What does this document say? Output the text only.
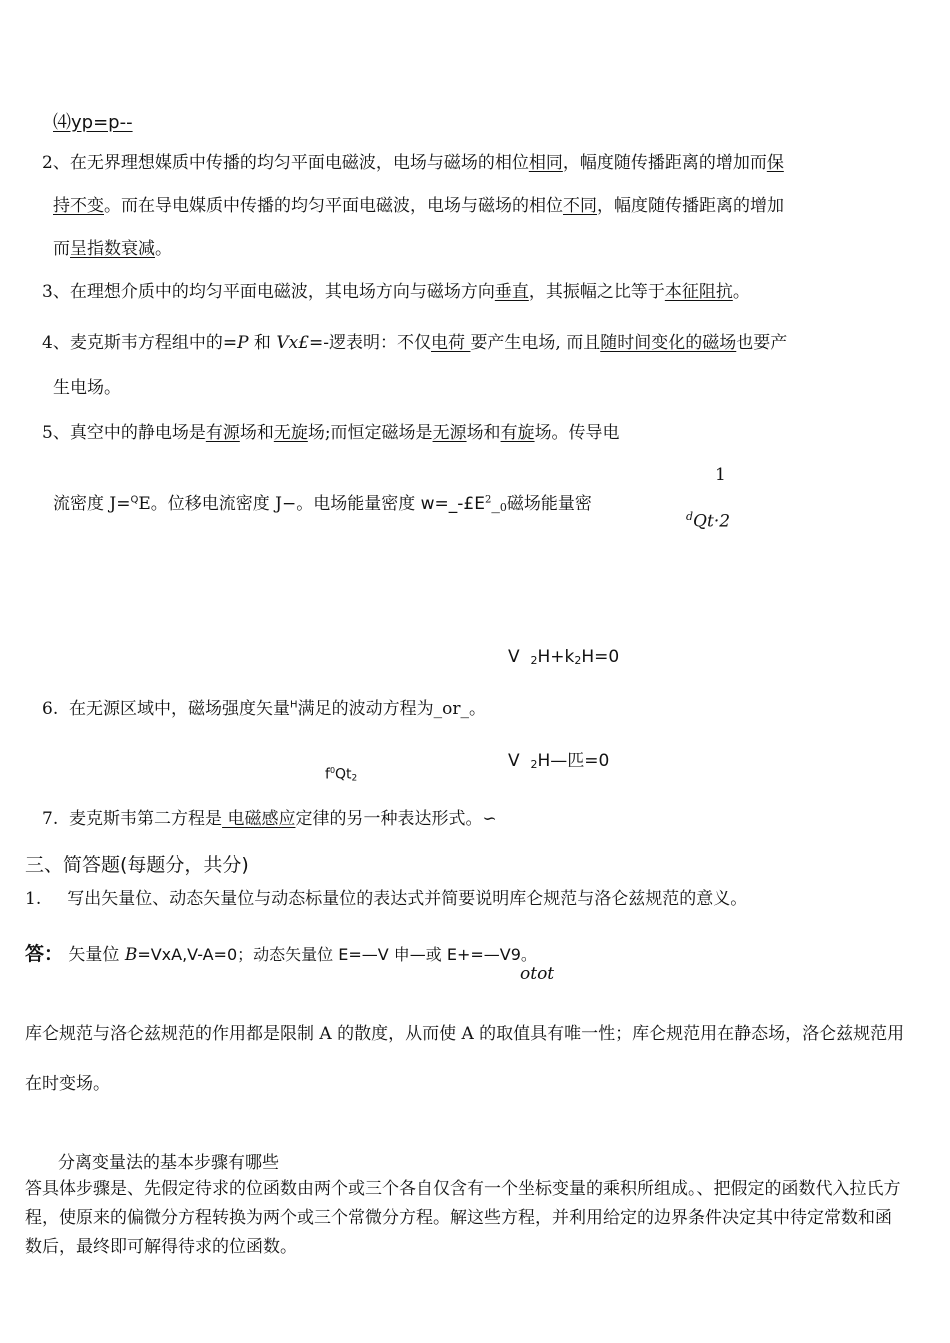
⑷yp=p--
2、在无界理想媒质中传播的均匀平面电磁波，电场与磁场的相位相同，幅度随传播距离的增加而保
持不变。而在导电媒质中传播的均匀平面电磁波，电场与磁场的相位不同，幅度随传播距离的增加
而呈指数衰减。
3、在理想介质中的均匀平面电磁波，其电场方向与磁场方向垂直，其振幅之比等于本征阻抗。
4、麦克斯韦方程组中的=P 和 Vx£=-逻表明：不仅电荷 要产生电场, 而且随时间变化的磁场也要产
生电场。
5、真空中的静电场是有源场和无旋场;而恒定磁场是无源场和有旋场。传导电
1
流密度 J=$^Q$E。位移电流密度 J−。电场能量密度 $w=\_-£E^2\_0$磁场能量密
$^d$Qt·2
V 2H+k2H=0
6. 在无源区域中，磁场强度矢量$^H$满足的波动方程为_or_。
V 2H—匹=0
$f^0Qt_2$
7. 麦克斯韦第二方程是 电磁感应定律的另一种表达形式。∽
三、简答题(每题分，共分)
1. 写出矢量位、动态矢量位与动态标量位的表达式并简要说明库仑规范与洛仑兹规范的意义。
答： 矢量位 B=VxA,V-A=0；动态矢量位 E=—V 申—或 E+=—V9。
otot
库仑规范与洛仑兹规范的作用都是限制 A 的散度，从而使 A 的取值具有唯一性；库仑规范用在静态场，洛仑兹规范用在时变场。
分离变量法的基本步骤有哪些
答具体步骤是、先假定待求的位函数由两个或三个各自仅含有一个坐标变量的乘积所组成。、把假定的函数代入拉氏方程，使原来的偏微分方程转换为两个或三个常微分方程。解这些方程，并利用给定的边界条件决定其中待定常数和函数后，最终即可解得待求的位函数。
